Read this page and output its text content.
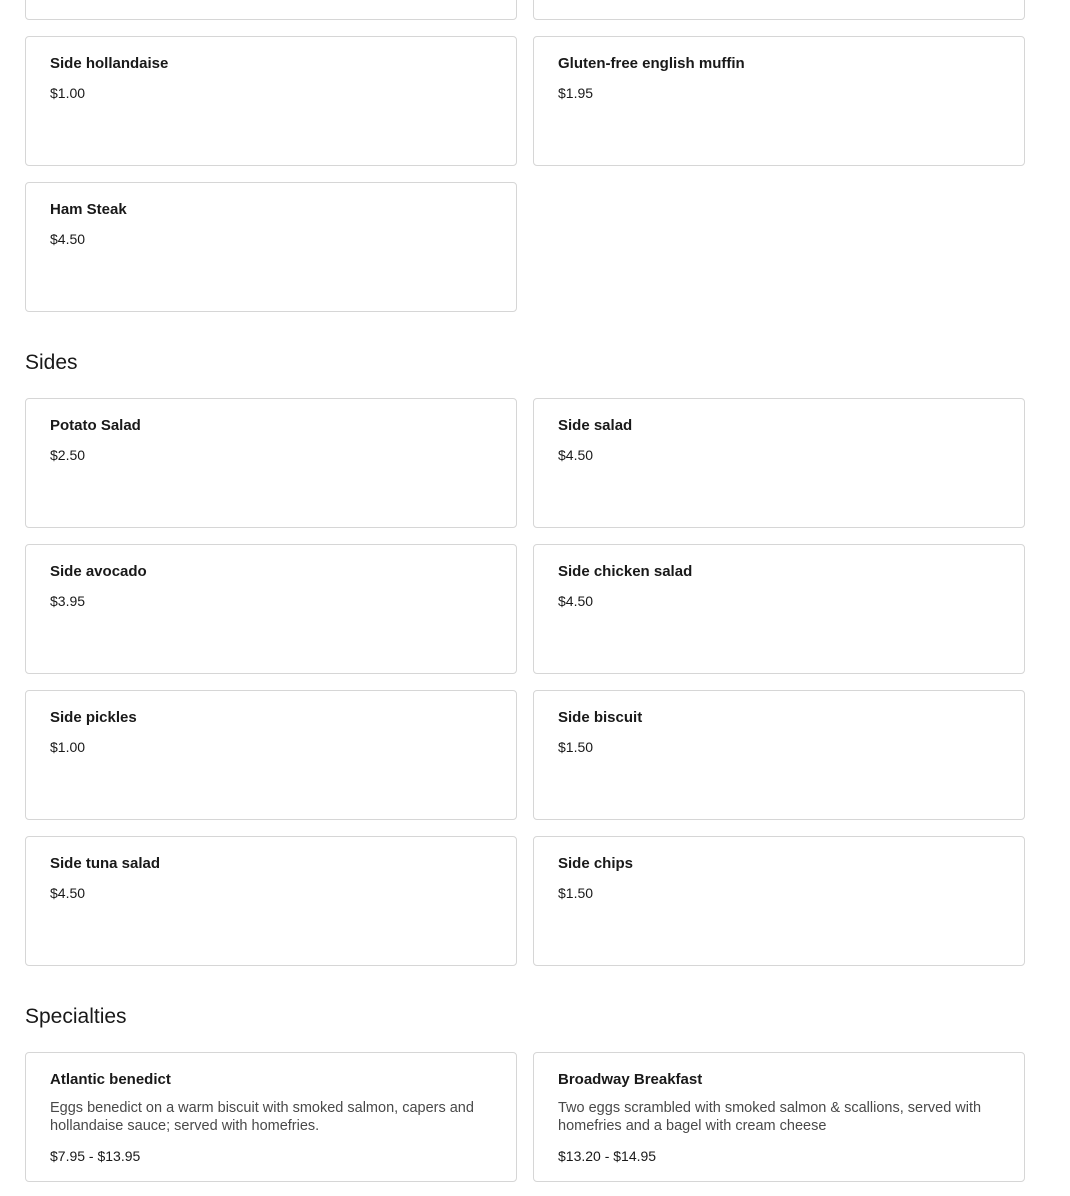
Side hollandaise
$1.00
Gluten-free english muffin
$1.95
Ham Steak
$4.50
Sides
Potato Salad
$2.50
Side salad
$4.50
Side avocado
$3.95
Side chicken salad
$4.50
Side pickles
$1.00
Side biscuit
$1.50
Side tuna salad
$4.50
Side chips
$1.50
Specialties
Atlantic benedict
Eggs benedict on a warm biscuit with smoked salmon, capers and hollandaise sauce; served with homefries.
$7.95 - $13.95
Broadway Breakfast
Two eggs scrambled with smoked salmon & scallions, served with homefries and a bagel with cream cheese
$13.20 - $14.95
